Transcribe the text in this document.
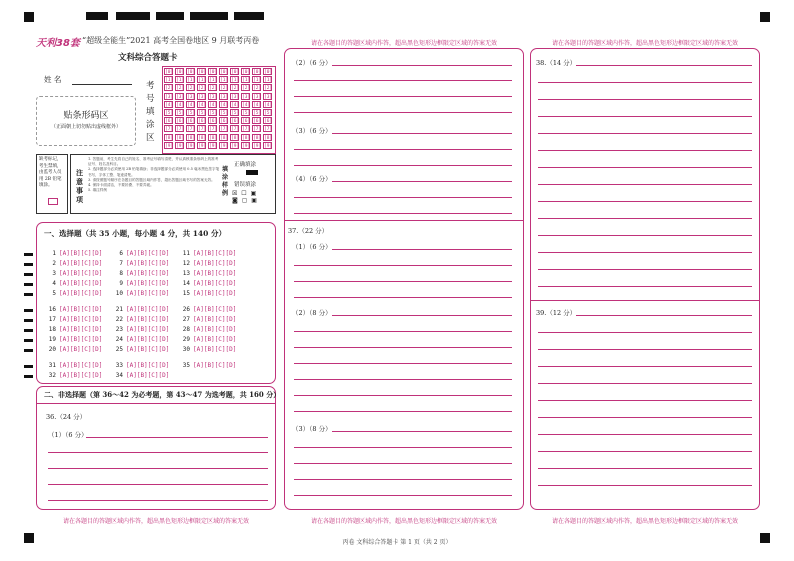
天利38套 “超级全能生”2021 高考全国卷地区 9 月联考丙卷
文科综合答题卡
姓 名
贴条形码区
（正面朝上切勿贴出虚线框外）
考
号
填
涂
区
[0] [0] [0] [0] [0] [0] [0] [0] [0] [0]
[1] [1] [1] [1] [1] [1] [1] [1] [1] [1]
[2] [2] [2] [2] [2] [2] [2] [2] [2] [2]
[3] [3] [3] [3] [3] [3] [3] [3] [3] [3]
[4] [4] [4] [4] [4] [4] [4] [4] [4] [4]
[5] [5] [5] [5] [5] [5] [5] [5] [5] [5]
[6] [6] [6] [6] [6] [6] [6] [6] [6] [6]
[7] [7] [7] [7] [7] [7] [7] [7] [7] [7]
[8] [8] [8] [8] [8] [8] [8] [8] [8] [8]
[9] [9] [9] [9] [9] [9] [9] [9] [9] [9]
缺考标记，考生禁填，由监考人员用 2B 铅笔填涂。
注
意
事
项
1. 答题前，考生先将自己的姓名、准考证号填写清楚，并认真核准条形码上的准考证号、姓名及科目。
2. 选择题部分必须使用 2B 铅笔填涂；非选择题部分必须使用 0.5 毫米黑色签字笔书写，字体工整、笔迹清楚。
3. 请按照题号顺序在各题目的答题区域内作答，超出答题区域书写的答案无效。
4. 保持卡面清洁，不要折叠、不要弄破。
5. 填注样例
填
涂
样
例
正确填涂
错误填涂
☒ ☐ ▣
◙ ▢ ▣
一、选择题（共 35 小题，每小题 4 分，共 140 分）
1 [A][B][C][D]
2 [A][B][C][D]
3 [A][B][C][D]
4 [A][B][C][D]
5 [A][B][C][D]
6 [A][B][C][D]
7 [A][B][C][D]
8 [A][B][C][D]
9 [A][B][C][D]
10 [A][B][C][D]
11 [A][B][C][D]
12 [A][B][C][D]
13 [A][B][C][D]
14 [A][B][C][D]
15 [A][B][C][D]
16 [A][B][C][D]
17 [A][B][C][D]
18 [A][B][C][D]
19 [A][B][C][D]
20 [A][B][C][D]
21 [A][B][C][D]
22 [A][B][C][D]
23 [A][B][C][D]
24 [A][B][C][D]
25 [A][B][C][D]
26 [A][B][C][D]
27 [A][B][C][D]
28 [A][B][C][D]
29 [A][B][C][D]
30 [A][B][C][D]
31 [A][B][C][D]
32 [A][B][C][D]
33 [A][B][C][D]
34 [A][B][C][D]
35 [A][B][C][D]
二、非选择题（第 36～42 为必考题，第 43～47 为选考题，共 160 分）
36.（24 分）
（1）（6 分）
请在各题目的答题区域内作答，超出黑色矩形边框限定区域的答案无效
请在各题目的答题区域内作答，超出黑色矩形边框限定区域的答案无效
（2）（6 分）
（3）（6 分）
（4）（6 分）
37.（22 分）
（1）（6 分）
（2）（8 分）
（3）（8 分）
请在各题目的答题区域内作答，超出黑色矩形边框限定区域的答案无效
请在各题目的答题区域内作答，超出黑色矩形边框限定区域的答案无效
38.（14 分）
39.（12 分）
请在各题目的答题区域内作答，超出黑色矩形边框限定区域的答案无效
丙卷 文科综合答题卡 第 1 页（共 2 页）
